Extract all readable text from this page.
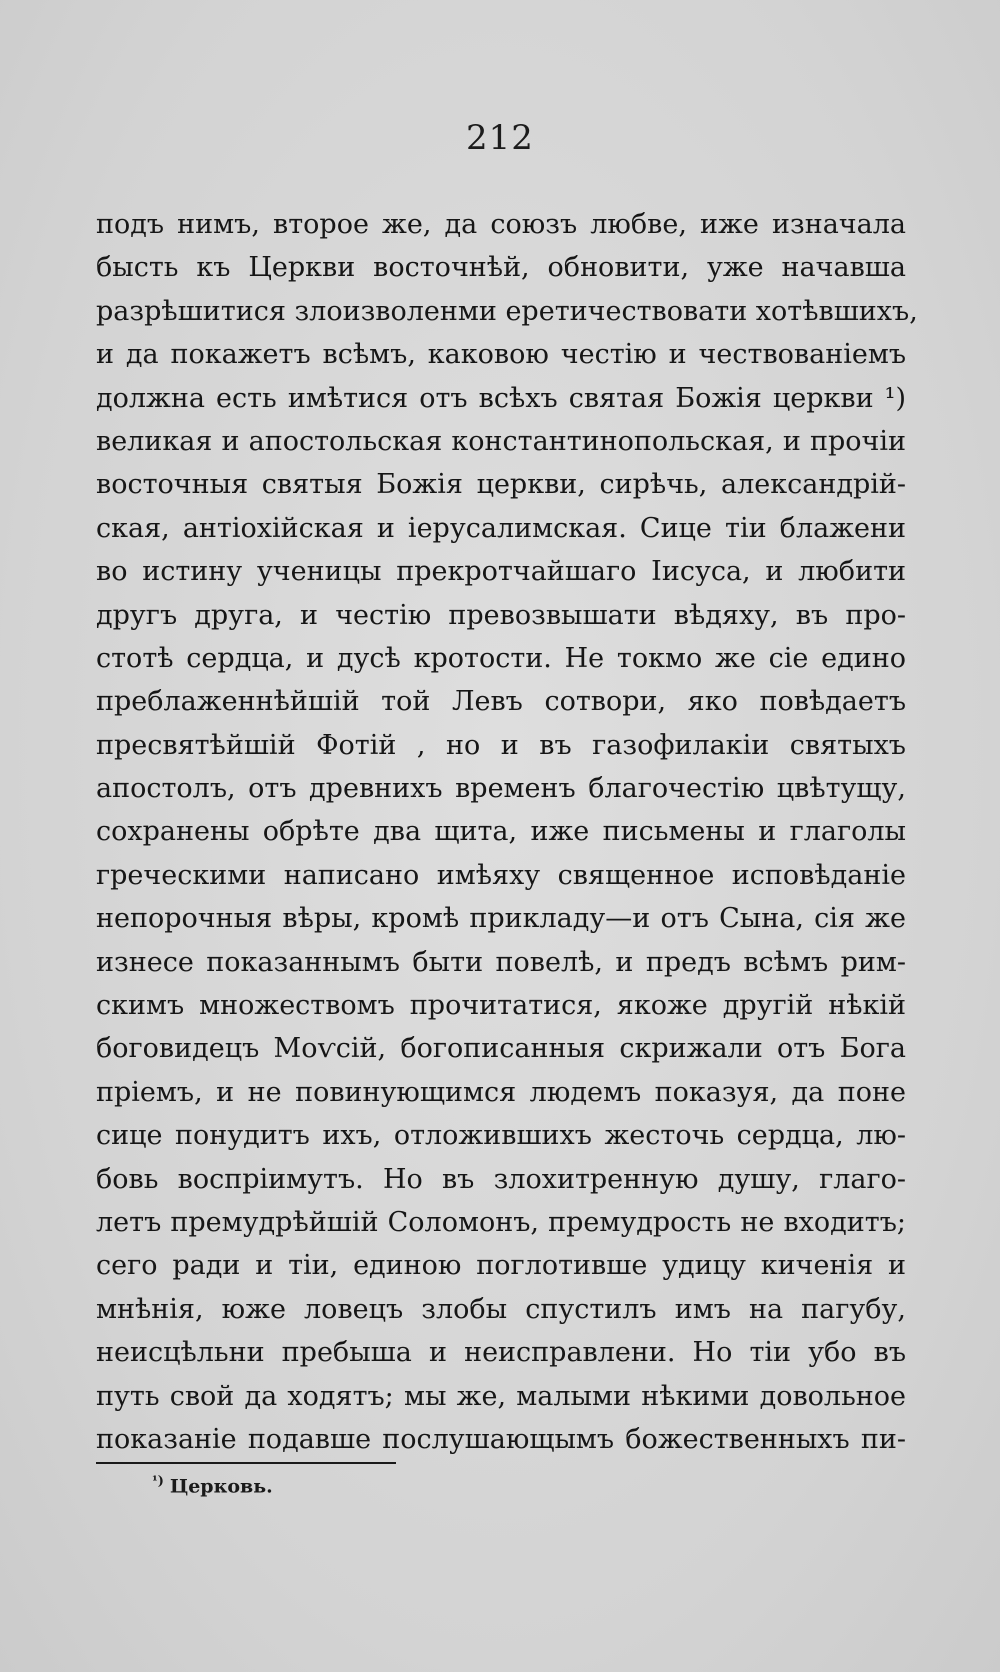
212
подъ нимъ, второе же, да союзъ любве, иже изначала
бысть къ Церкви восточнѣй, обновити, уже начавша
разрѣшитися злоизволенми еретичествовати хотѣвшихъ,
и да покажетъ всѣмъ, каковою честію и чествованіемъ
должна есть имѣтися отъ всѣхъ святая Божія церкви ¹)
великая и апостольская константинопольская, и прочіи
восточныя святыя Божія церкви, сирѣчь, александрій-
ская, антіохійская и іерусалимская. Сице тіи блажени
во истину ученицы прекротчайшаго Іисуса, и любити
другъ друга, и честію превозвышати вѣдяху, въ про-
стотѣ сердца, и дусѣ кротости. Не токмо же сіе едино
преблаженнѣйшій той Левъ сотвори, яко повѣдаетъ
пресвятѣйшій Фотій , но и въ газофилакіи святыхъ
апостолъ, отъ древнихъ временъ благочестію цвѣтущу,
сохранены обрѣте два щита, иже письмены и глаголы
греческими написано имѣяху священное исповѣданіе
непорочныя вѣры, кромѣ прикладу—и отъ Сына, сія же
изнесе показаннымъ быти повелѣ, и предъ всѣмъ рим-
скимъ множествомъ прочитатися, якоже другій нѣкій
боговидецъ Моѵсій, богописанныя скрижали отъ Бога
пріемъ, и не повинующимся людемъ показуя, да поне
сице понудитъ ихъ, отложившихъ жесточь сердца, лю-
бовь воспріимутъ. Но въ злохитренную душу, глаго-
летъ премудрѣйшій Соломонъ, премудрость не входитъ;
сего ради и тіи, единою поглотивше удицу киченія и
мнѣнія, юже ловецъ злобы спустилъ имъ на пагубу,
неисцѣльни пребыша и неисправлени. Но тіи убо въ
путь свой да ходятъ; мы же, малыми нѣкими довольное
показаніе подавше послушающымъ божественныхъ пи-
$^{^1)}$ Церковь.
